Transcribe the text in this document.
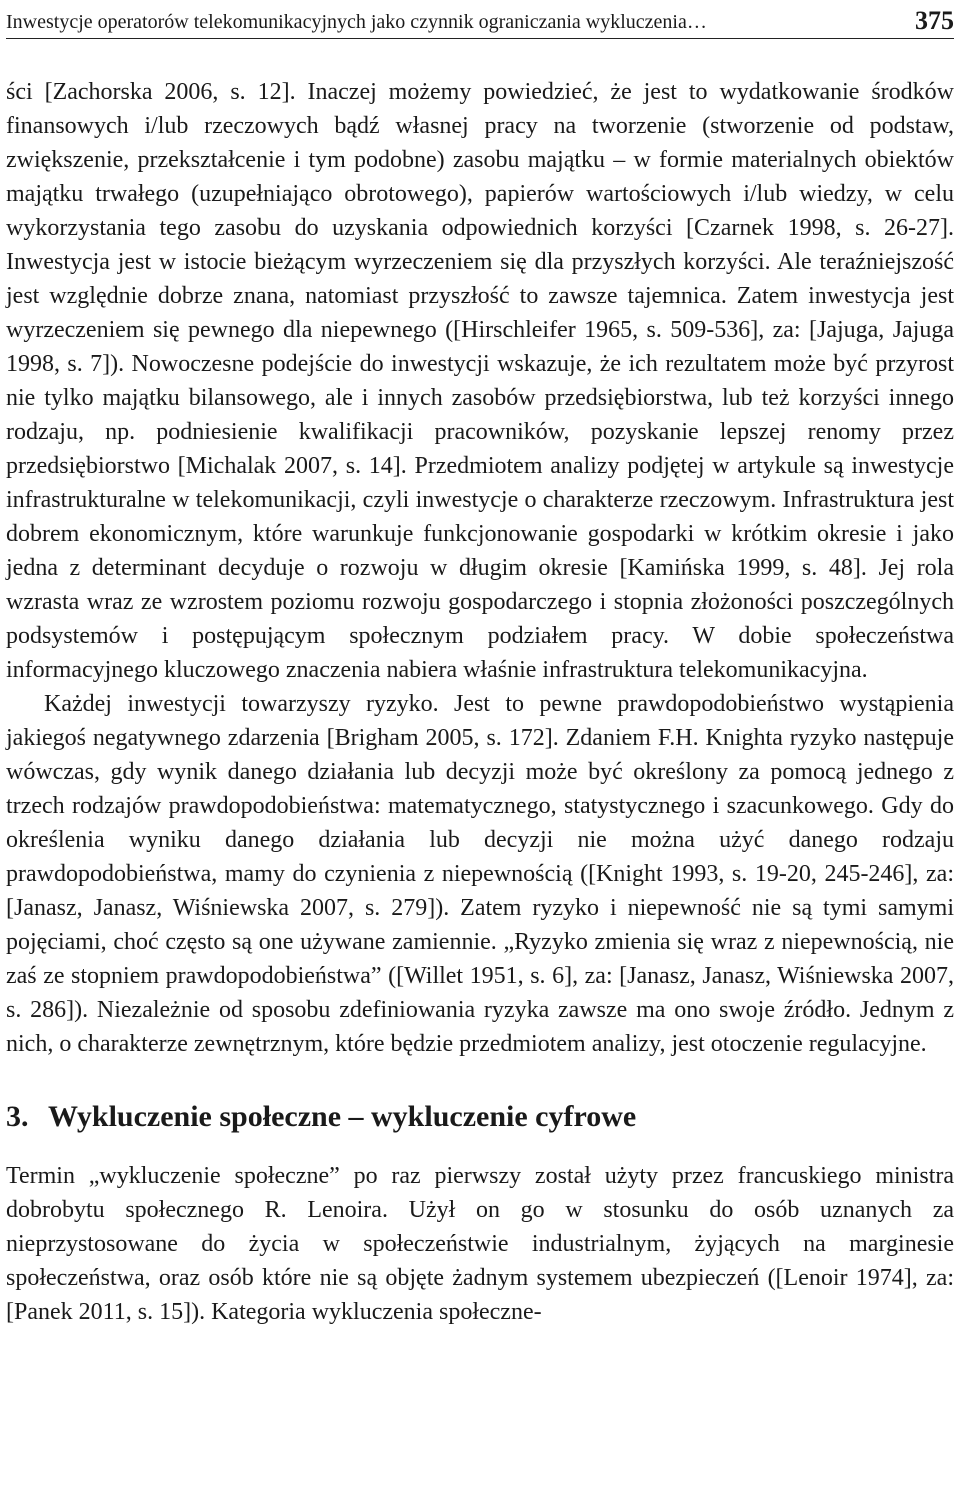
Inwestycje operatorów telekomunikacyjnych jako czynnik ograniczania wykluczenia…	375

ści [Zachorska 2006, s. 12]. Inaczej możemy powiedzieć, że jest to wydatkowanie środków finansowych i/lub rzeczowych bądź własnej pracy na tworzenie (stworzenie od podstaw, zwiększenie, przekształcenie i tym podobne) zasobu majątku – w formie materialnych obiektów majątku trwałego (uzupełniająco obrotowego), papierów wartościowych i/lub wiedzy, w celu wykorzystania tego zasobu do uzyskania odpowiednich korzyści [Czarnek 1998, s. 26-27]. Inwestycja jest w istocie bieżącym wyrzeczeniem się dla przyszłych korzyści. Ale teraźniejszość jest względnie dobrze znana, natomiast przyszłość to zawsze tajemnica. Zatem inwestycja jest wyrzeczeniem się pewnego dla niepewnego ([Hirschleifer 1965, s. 509-536], za: [Jajuga, Jajuga 1998, s. 7]). Nowoczesne podejście do inwestycji wskazuje, że ich rezultatem może być przyrost nie tylko majątku bilansowego, ale i innych zasobów przedsiębiorstwa, lub też korzyści innego rodzaju, np. podniesienie kwalifikacji pracowników, pozyskanie lepszej renomy przez przedsiębiorstwo [Michalak 2007, s. 14]. Przedmiotem analizy podjętej w artykule są inwestycje infrastrukturalne w telekomunikacji, czyli inwestycje o charakterze rzeczowym. Infrastruktura jest dobrem ekonomicznym, które warunkuje funkcjonowanie gospodarki w krótkim okresie i jako jedna z determinant decyduje o rozwoju w długim okresie [Kamińska 1999, s. 48]. Jej rola wzrasta wraz ze wzrostem poziomu rozwoju gospodarczego i stopnia złożoności poszczególnych podsystemów i postępującym społecznym podziałem pracy. W dobie społeczeństwa informacyjnego kluczowego znaczenia nabiera właśnie infrastruktura telekomunikacyjna.

Każdej inwestycji towarzyszy ryzyko. Jest to pewne prawdopodobieństwo wystąpienia jakiegoś negatywnego zdarzenia [Brigham 2005, s. 172]. Zdaniem F.H. Knighta ryzyko następuje wówczas, gdy wynik danego działania lub decyzji może być określony za pomocą jednego z trzech rodzajów prawdopodobieństwa: matematycznego, statystycznego i szacunkowego. Gdy do określenia wyniku danego działania lub decyzji nie można użyć danego rodzaju prawdopodobieństwa, mamy do czynienia z niepewnością ([Knight 1993, s. 19-20, 245-246], za: [Janasz, Janasz, Wiśniewska 2007, s. 279]). Zatem ryzyko i niepewność nie są tymi samymi pojęciami, choć często są one używane zamiennie. „Ryzyko zmienia się wraz z niepewnością, nie zaś ze stopniem prawdopodobieństwa” ([Willet 1951, s. 6], za: [Janasz, Janasz, Wiśniewska 2007, s. 286]). Niezależnie od sposobu zdefiniowania ryzyka zawsze ma ono swoje źródło. Jednym z nich, o charakterze zewnętrznym, które będzie przedmiotem analizy, jest otoczenie regulacyjne.

3. Wykluczenie społeczne – wykluczenie cyfrowe

Termin „wykluczenie społeczne” po raz pierwszy został użyty przez francuskiego ministra dobrobytu społecznego R. Lenoira. Użył on go w stosunku do osób uznanych za nieprzystosowane do życia w społeczeństwie industrialnym, żyjących na marginesie społeczeństwa, oraz osób które nie są objęte żadnym systemem ubezpieczeń ([Lenoir 1974], za: [Panek 2011, s. 15]). Kategoria wykluczenia społeczne-
